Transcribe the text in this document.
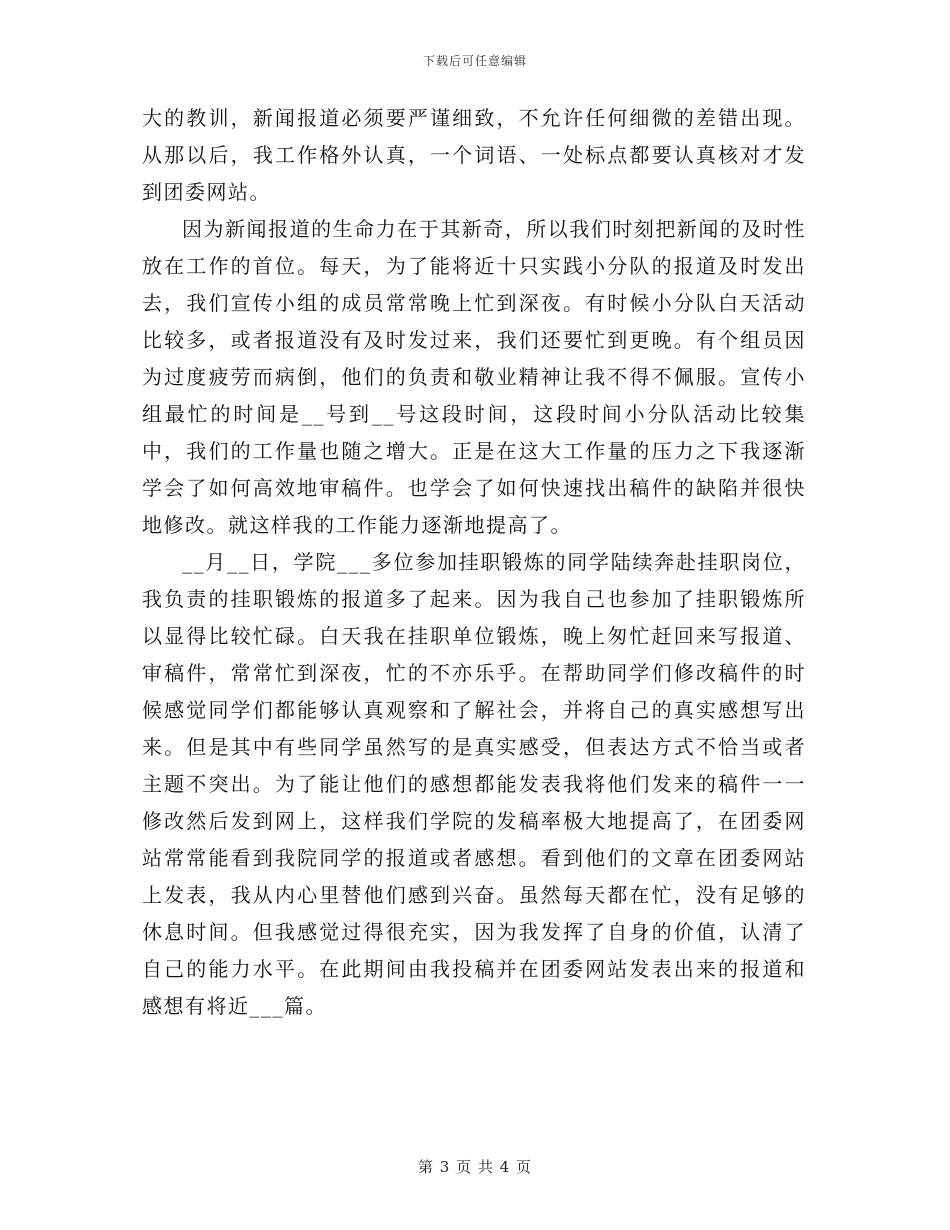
下载后可任意编辑

大的教训，新闻报道必须要严谨细致，不允许任何细微的差错出现。从那以后，我工作格外认真，一个词语、一处标点都要认真核对才发到团委网站。

因为新闻报道的生命力在于其新奇，所以我们时刻把新闻的及时性放在工作的首位。每天，为了能将近十只实践小分队的报道及时发出去，我们宣传小组的成员常常晚上忙到深夜。有时候小分队白天活动比较多，或者报道没有及时发过来，我们还要忙到更晚。有个组员因为过度疲劳而病倒，他们的负责和敬业精神让我不得不佩服。宣传小组最忙的时间是__号到__号这段时间，这段时间小分队活动比较集中，我们的工作量也随之增大。正是在这大工作量的压力之下我逐渐学会了如何高效地审稿件。也学会了如何快速找出稿件的缺陷并很快地修改。就这样我的工作能力逐渐地提高了。

__月__日，学院___多位参加挂职锻炼的同学陆续奔赴挂职岗位，我负责的挂职锻炼的报道多了起来。因为我自己也参加了挂职锻炼所以显得比较忙碌。白天我在挂职单位锻炼，晚上匆忙赶回来写报道、审稿件，常常忙到深夜，忙的不亦乐乎。在帮助同学们修改稿件的时候感觉同学们都能够认真观察和了解社会，并将自己的真实感想写出来。但是其中有些同学虽然写的是真实感受，但表达方式不恰当或者主题不突出。为了能让他们的感想都能发表我将他们发来的稿件一一修改然后发到网上，这样我们学院的发稿率极大地提高了，在团委网站常常能看到我院同学的报道或者感想。看到他们的文章在团委网站上发表，我从内心里替他们感到兴奋。虽然每天都在忙，没有足够的休息时间。但我感觉过得很充实，因为我发挥了自身的价值，认清了自己的能力水平。在此期间由我投稿并在团委网站发表出来的报道和感想有将近___篇。

第 3 页 共 4 页
